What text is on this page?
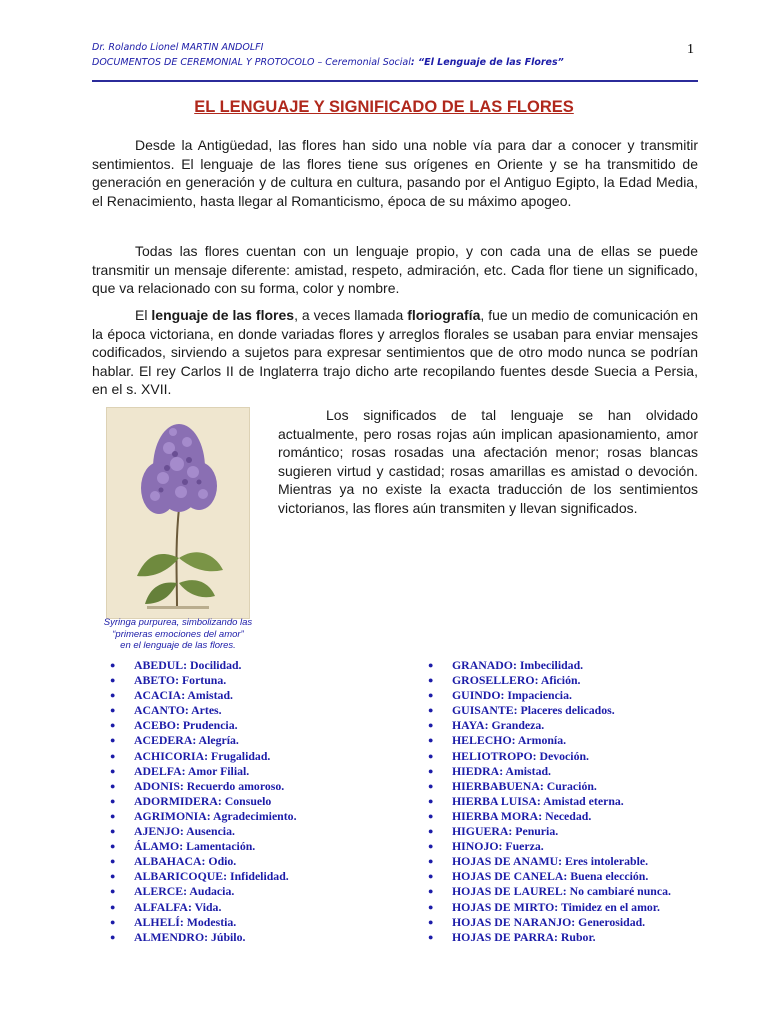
Dr. Rolando Lionel MARTIN ANDOLFI
DOCUMENTOS DE CEREMONIAL Y PROTOCOLO – Ceremonial Social: “El Lenguaje de las Flores”
1
EL LENGUAJE Y SIGNIFICADO DE LAS FLORES
Desde la Antigüedad, las flores han sido una noble vía para dar a conocer y transmitir sentimientos. El lenguaje de las flores tiene sus orígenes en Oriente y se ha transmitido de generación en generación y de cultura en cultura, pasando por el Antiguo Egipto, la Edad Media, el Renacimiento, hasta llegar al Romanticismo, época de su máximo apogeo.
Todas las flores cuentan con un lenguaje propio, y con cada una de ellas se puede transmitir un mensaje diferente: amistad, respeto, admiración, etc. Cada flor tiene un significado, que va relacionado con su forma, color y nombre.
El lenguaje de las flores, a veces llamada floriografía, fue un medio de comunicación en la época victoriana, en donde variadas flores y arreglos florales se usaban para enviar mensajes codificados, sirviendo a sujetos para expresar sentimientos que de otro modo nunca se podrían hablar. El rey Carlos II de Inglaterra trajo dicho arte recopilando fuentes desde Suecia a Persia, en el s. XVII.
Los significados de tal lenguaje se han olvidado actualmente, pero rosas rojas aún implican apasionamiento, amor romántico; rosas rosadas una afectación menor; rosas blancas sugieren virtud y castidad; rosas amarillas es amistad o devoción. Mientras ya no existe la exacta traducción de los sentimientos victorianos, las flores aún transmiten y llevan significados.
Syringa purpurea, simbolizando las
“primeras emociones del amor”
en el lenguaje de las flores.
● ABEDUL: Docilidad.
● ABETO: Fortuna.
● ACACIA: Amistad.
● ACANTO: Artes.
● ACEBO: Prudencia.
● ACEDERA: Alegría.
● ACHICORIA: Frugalidad.
● ADELFA: Amor Filial.
● ADONIS: Recuerdo amoroso.
● ADORMIDERA: Consuelo
● AGRIMONIA: Agradecimiento.
● AJENJO: Ausencia.
● ÁLAMO: Lamentación.
● ALBAHACA: Odio.
● ALBARICOQUE: Infidelidad.
● ALERCE: Audacia.
● ALFALFA: Vida.
● ALHELÍ: Modestia.
● ALMENDRO: Júbilo.
● GRANADO: Imbecilidad.
● GROSELLERO: Afición.
● GUINDO: Impaciencia.
● GUISANTE: Placeres delicados.
● HAYA: Grandeza.
● HELECHO: Armonía.
● HELIOTROPO: Devoción.
● HIEDRA: Amistad.
● HIERBABUENA: Curación.
● HIERBA LUISA: Amistad eterna.
● HIERBA MORA: Necedad.
● HIGUERA: Penuria.
● HINOJO: Fuerza.
● HOJAS DE ANAMU: Eres intolerable.
● HOJAS DE CANELA: Buena elección.
● HOJAS DE LAUREL: No cambiaré nunca.
● HOJAS DE MIRTO: Timidez en el amor.
● HOJAS DE NARANJO: Generosidad.
● HOJAS DE PARRA: Rubor.
